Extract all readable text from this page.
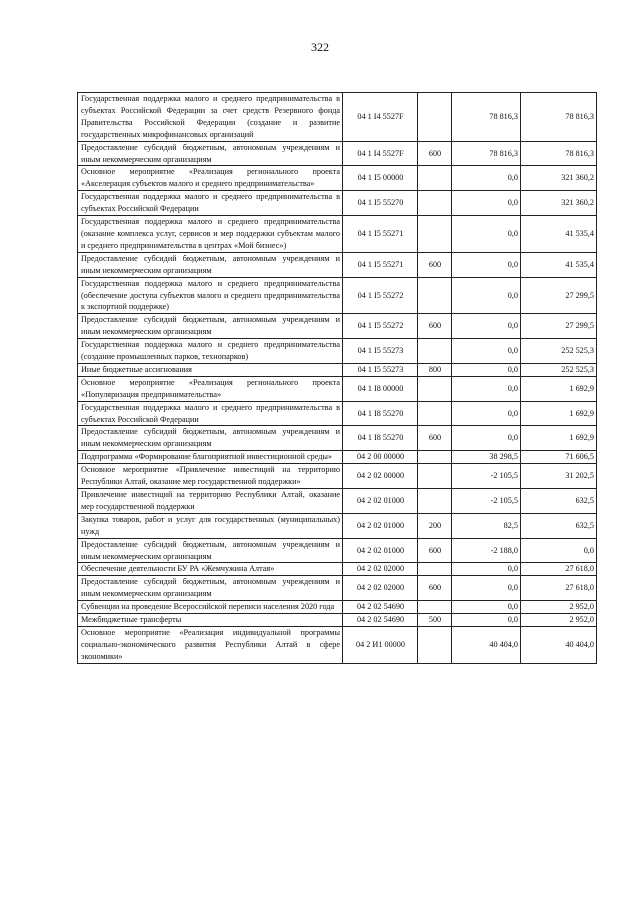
322
Государственная поддержка малого и среднего предпринимательства в субъектах Российской Федерации за счет средств Резервного фонда Правительства Российской Федерации (создание и развитие государственных микрофинансовых организаций	04 1 I4 5527F		78 816,3	78 816,3
Предоставление субсидий бюджетным, автономным учреждениям и иным некоммерческим организациям	04 1 I4 5527F	600	78 816,3	78 816,3
Основное мероприятие «Реализация регионального проекта «Акселерация субъектов малого и среднего предпринимательства»	04 1 I5 00000		0,0	321 360,2
Государственная поддержка малого и среднего предпринимательства в субъектах Российской Федерации	04 1 I5 55270		0,0	321 360,2
Государственная поддержка малого и среднего предпринимательства (оказание комплекса услуг, сервисов и мер поддержки субъектам малого и среднего предпринимательства в центрах «Мой бизнес»)	04 1 I5 55271		0,0	41 535,4
Предоставление субсидий бюджетным, автономным учреждениям и иным некоммерческим организациям	04 1 I5 55271	600	0,0	41 535,4
Государственная поддержка малого и среднего предпринимательства (обеспечение доступа субъектов малого и среднего предпринимательства к экспортной поддержке)	04 1 I5 55272		0,0	27 299,5
Предоставление субсидий бюджетным, автономным учреждениям и иным некоммерческим организациям	04 1 I5 55272	600	0,0	27 299,5
Государственная поддержка малого и среднего предпринимательства (создание промышленных парков, технопарков)	04 1 I5 55273		0,0	252 525,3
Иные бюджетные ассигнования	04 1 I5 55273	800	0,0	252 525,3
Основное мероприятие «Реализация регионального проекта «Популяризация предпринимательства»	04 1 I8 00000		0,0	1 692,9
Государственная поддержка малого и среднего предпринимательства в субъектах Российской Федерации	04 1 I8 55270		0,0	1 692,9
Предоставление субсидий бюджетным, автономным учреждениям и иным некоммерческим организациям	04 1 I8 55270	600	0,0	1 692,9
Подпрограмма «Формирование благоприятной инвестиционной среды»	04 2 00 00000		38 298,5	71 606,5
Основное мероприятие «Привлечение инвестиций на территорию Республики Алтай, оказание мер государственной поддержки»	04 2 02 00000		-2 105,5	31 202,5
Привлечение инвестиций на территорию Республики Алтай, оказание мер государственной поддержки	04 2 02 01000		-2 105,5	632,5
Закупка товаров, работ и услуг для государственных (муниципальных) нужд	04 2 02 01000	200	82,5	632,5
Предоставление субсидий бюджетным, автономным учреждениям и иным некоммерческим организациям	04 2 02 01000	600	-2 188,0	0,0
Обеспечение деятельности БУ РА «Жемчужина Алтая»	04 2 02 02000		0,0	27 618,0
Предоставление субсидий бюджетным, автономным учреждениям и иным некоммерческим организациям	04 2 02 02000	600	0,0	27 618,0
Субвенции на проведение Всероссийской переписи населения 2020 года	04 2 02 54690		0,0	2 952,0
Межбюджетные трансферты	04 2 02 54690	500	0,0	2 952,0
Основное мероприятие «Реализация индивидуальной программы социально-экономического развития Республики Алтай в сфере экономики»	04 2 И1 00000		40 404,0	40 404,0
